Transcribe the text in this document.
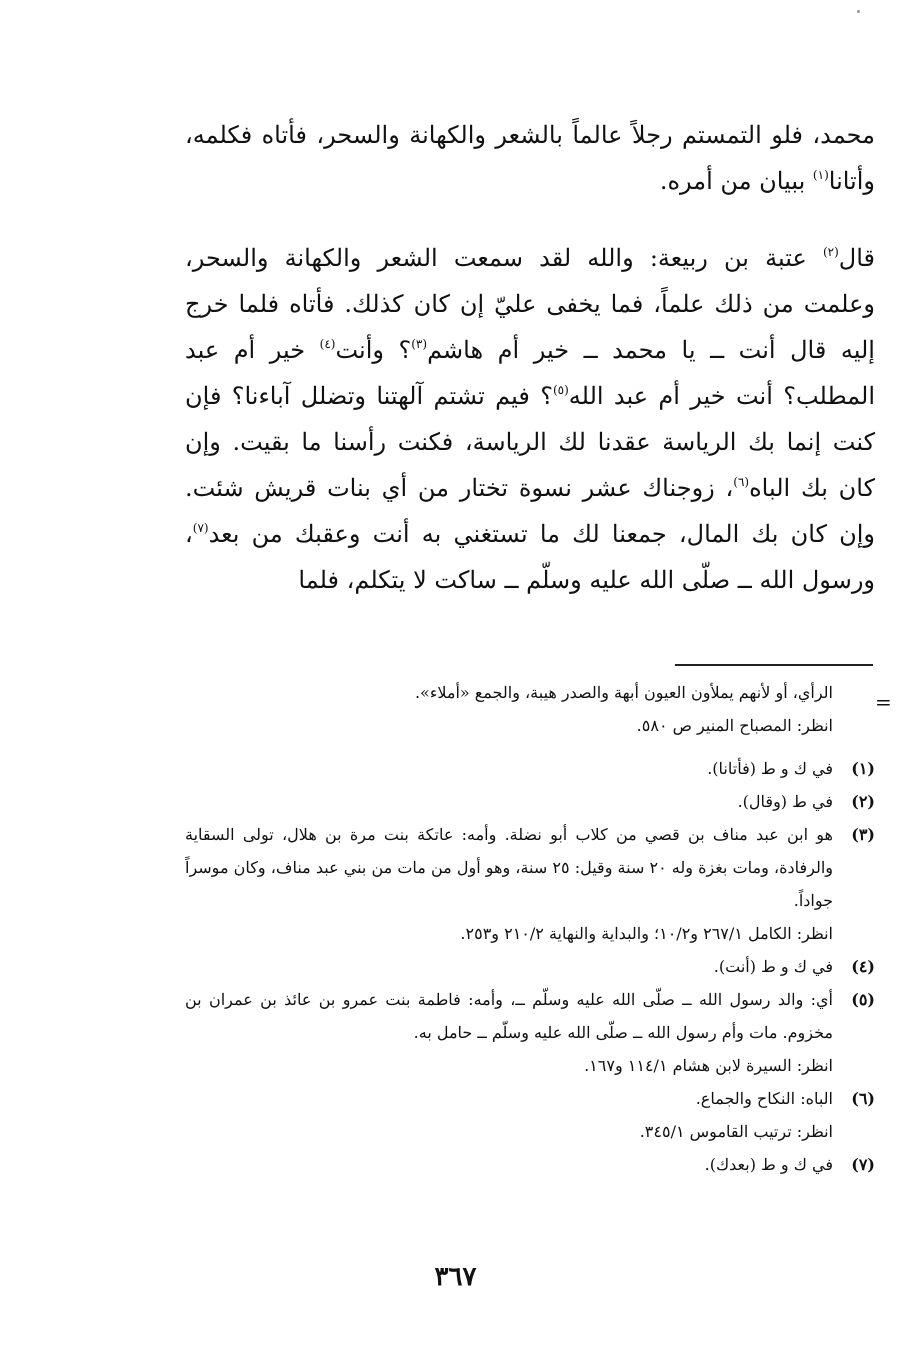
محمد، فلو التمستم رجلاً عالماً بالشعر والكهانة والسحر، فأتاه فكلمه، وأتانا$^{(١)}$ ببيان من أمره.

قال$^{(٢)}$ عتبة بن ربيعة: والله لقد سمعت الشعر والكهانة والسحر، وعلمت من ذلك علماً، فما يخفى عليّ إن كان كذلك. فأتاه فلما خرج إليه قال أنت ــ يا محمد ــ خير أم هاشم$^{(٣)}$؟ وأنت$^{(٤)}$ خير أم عبد المطلب؟ أنت خير أم عبد الله$^{(٥)}$؟ فيم تشتم آلهتنا وتضلل آباءنا؟ فإن كنت إنما بك الرياسة عقدنا لك الرياسة، فكنت رأسنا ما بقيت. وإن كان بك الباه$^{(٦)}$، زوجناك عشر نسوة تختار من أي بنات قريش شئت. وإن كان بك المال، جمعنا لك ما تستغني به أنت وعقبك من بعد$^{(٧)}$، ورسول الله ــ صلّى الله عليه وسلّم ــ ساكت لا يتكلم، فلما

=
الرأي، أو لأنهم يملأون العيون أبهة والصدر هيبة، والجمع «أملاء».
انظر: المصباح المنير ص ٥٨٠.
(١)
في ك و ط (فأتانا).
(٢)
في ط (وقال).
(٣)
هو ابن عبد مناف بن قصي من كلاب أبو نضلة. وأمه: عاتكة بنت مرة بن هلال، تولى السقاية والرفادة، ومات بغزة وله ٢٠ سنة وقيل: ٢٥ سنة، وهو أول من مات من بني عبد مناف، وكان موسراً جواداً.
انظر: الكامل ٢٦٧/١ و١٠/٢؛ والبداية والنهاية ٢١٠/٢ و٢٥٣.
(٤)
في ك و ط (أنت).
(٥)
أي: والد رسول الله ــ صلّى الله عليه وسلّم ــ، وأمه: فاطمة بنت عمرو بن عائذ بن عمران بن مخزوم. مات وأم رسول الله ــ صلّى الله عليه وسلّم ــ حامل به.
انظر: السيرة لابن هشام ١١٤/١ و١٦٧.
(٦)
الباه: النكاح والجماع.
انظر: ترتيب القاموس ٣٤٥/١.
(٧)
في ك و ط (بعدك).
٣٦٧
